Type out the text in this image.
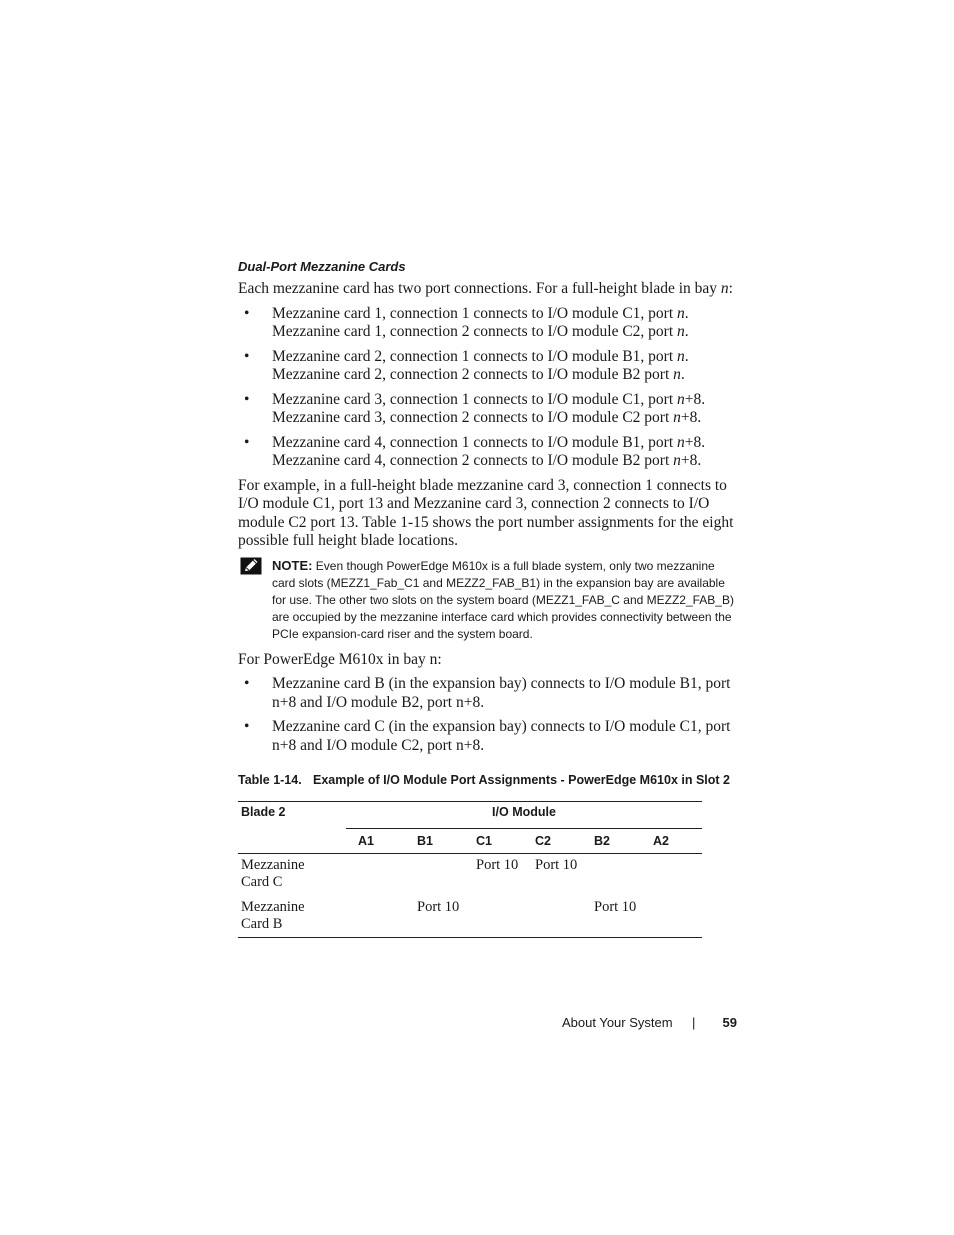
Dual-Port Mezzanine Cards

Each mezzanine card has two port connections. For a full-height blade in bay n:

• Mezzanine card 1, connection 1 connects to I/O module C1, port n.
Mezzanine card 1, connection 2 connects to I/O module C2, port n.
• Mezzanine card 2, connection 1 connects to I/O module B1, port n.
Mezzanine card 2, connection 2 connects to I/O module B2 port n.
• Mezzanine card 3, connection 1 connects to I/O module C1, port n+8.
Mezzanine card 3, connection 2 connects to I/O module C2 port n+8.
• Mezzanine card 4, connection 1 connects to I/O module B1, port n+8.
Mezzanine card 4, connection 2 connects to I/O module B2 port n+8.

For example, in a full-height blade mezzanine card 3, connection 1 connects to I/O module C1, port 13 and Mezzanine card 3, connection 2 connects to I/O module C2 port 13. Table 1-15 shows the port number assignments for the eight possible full height blade locations.

NOTE: Even though PowerEdge M610x is a full blade system, only two mezzanine card slots (MEZZ1_Fab_C1 and MEZZ2_FAB_B1) in the expansion bay are available for use. The other two slots on the system board (MEZZ1_FAB_C and MEZZ2_FAB_B) are occupied by the mezzanine interface card which provides connectivity between the PCIe expansion-card riser and the system board.

For PowerEdge M610x in bay n:

• Mezzanine card B (in the expansion bay) connects to I/O module B1, port n+8 and I/O module B2, port n+8.
• Mezzanine card C (in the expansion bay) connects to I/O module C1, port n+8 and I/O module C2, port n+8.
Table 1-14. Example of I/O Module Port Assignments - PowerEdge M610x in Slot 2
Blade 2	I/O Module					
	A1	B1	C1	C2	B2	A2
Mezzanine
Card C			Port 10	Port 10		
Mezzanine
Card B		Port 10			Port 10	
About Your System | 59
